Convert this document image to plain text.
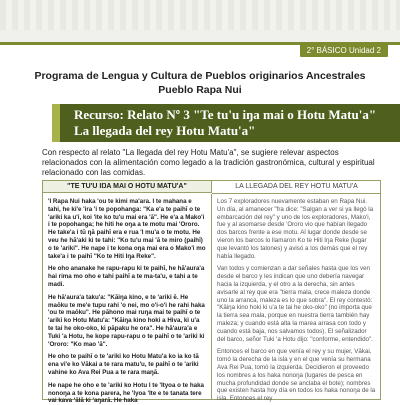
2° BÁSICO Unidad 2
Programa de Lengua y Cultura de Pueblos originarios Ancestrales
Pueblo Rapa Nui
Recurso: Relato Nº 3 "Te tu'u iŋa mai o Hotu Matu'a" La llegada del rey Hotu Matu'a"
Con respecto al relato "La llegada del rey Hotu Matu'a", se sugiere relevar aspectos relacionados con la alimentación como legado a la tradición gastronómica, cultural y espiritual relacionado con las comidas.
"TE TU'U IŊA MAI O HOTU MATU'A"	LA LLEGADA DEL REY HOTU MATU'A

'I Rapa Nui haka 'ou te kimi ma'ara. I te mahana e tahi, he ki'e 'ira 'i te popohanga: "Ka e'a te paihī o te 'ariki ka u'i, koi 'ite ko tu'u mai era 'ā". He e'a a Mako'i i te popohanga; he hiti he oŋa a te motu mai 'Ororo. He take'a i tū ŋā paihī era e rua 'I mu'a o te motu. He veu he hā'aki ki te tahi: "Ko tu'u mai 'ā te miro (paihī) o te 'ariki". He nape i te kona oŋa mai era o Mako'i mo take'a i te paihī "Ko te Hiti Iŋa Reke".

He oho ananake he rapu-rapu ki te paihī, he hā'aura'a hai rima mo oho e tahi paihī a te ma-ta'u, e tahi a te madi.

He hā'aura'a taku'a: "Kāiŋa kino, e te 'ariki ē. He maōku te me'e tupu rahi 'o nei, mo o'i-o'i he rahi haka 'ou te maōku". He pāhono mai ruŋa mai te paihī o te 'ariki ko Hotu Matu'a: "Kāiŋa kino hoki a Hiva, ki u'a te tai he oko-oko, ki pāpaku he ora". He hā'aura'a e Tuki 'a Hotu, he kope rapu-rapu o te paihī o te 'ariki ki 'Ororo: "Ko mao 'ā".

He oho te paihī o te 'ariki ko Hotu Matu'a ko ia ko tā ena vi'e ko Vākai a te rara matu'u, te paihī o te 'ariki vahine ko Ava Rei Pua a te rara maŋā.

He nape he oho e te 'ariki ko Hotu I te 'Ityoa o te haka nonoŋa a te kona parera, he 'Iyoa 'Ite e te tanata tere vai kava 'ālā ki 'aŋarā. He haka

Los 7 exploradores nuevamente estaban en Rapa Nui. Un día, al amanecer "fra dice: "Salgan a ver si ya llegó la embarcación del rey" y uno de los exploradores, Mako'i, fue y al asomarse desde 'Ororo vio que habían llegado dos barcos frente a ese motu. Al lugar donde desde se vieron los barcos lo llamaron Ko te Hiti Iŋa Reke (lugar que levantó los talones) y avisó a los demás que el rey había llegado.

Van todos y comienzan a dar señales hasta que los ven desde el barco y les indican que uno debería navegar hacia la izquierda, y el otro a la derecha, sin antes avisarle al rey que era "tierra mala, crece maleza donde uno la arranca, maleza es lo que sobra". El rey contestó: "Kāiŋa kino hoki ki u'a te tai he oko-oko" (no importa que la tierra sea mala, porque en nuestra tierra también hay maleza; y cuando está alta la marea arrasa con todo y cuando está baja, nos salvamos todos). El señalizador del barco, señor Tuki 'a Hotu dijo: "conforme, entendido".

Entonces el barco en que venía el rey y su mujer, Vākai, tomó la derecha de la isla y en el que venía su hermana Ava Rei Pua, tomó la izquierda. Decidieron el proveedo los nombres a los haka nonoŋa (lugares de pesca en mucha profundidad donde se anclaba el bote); nombres que existen hasta hoy día en todos los haka nonoŋa de la isla. Entonces el rey
